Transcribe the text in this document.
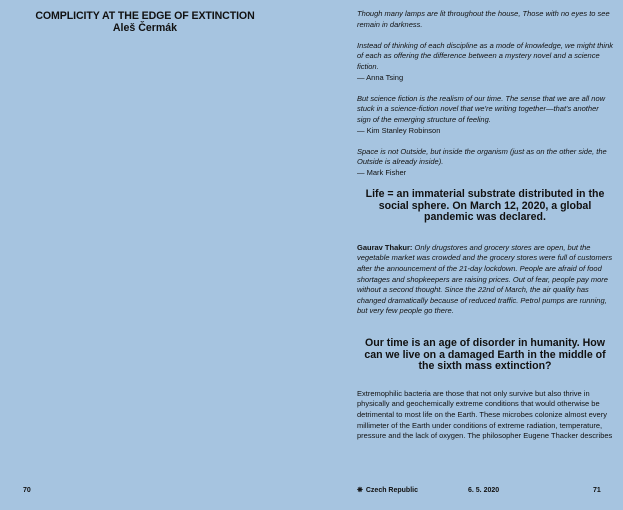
COMPLICITY AT THE EDGE OF EXTINCTION
Aleš Čermák
70
Though many lamps are lit throughout the house, Those with no eyes to see remain in darkness.
Instead of thinking of each discipline as a mode of knowledge, we might think of each as offering the difference between a mystery novel and a science fiction.
— Anna Tsing
But science fiction is the realism of our time. The sense that we are all now stuck in a science-fiction novel that we're writing together—that's another sign of the emerging structure of feeling.
— Kim Stanley Robinson
Space is not Outside, but inside the organism (just as on the other side, the Outside is already inside).
— Mark Fisher
Life = an immaterial substrate distributed in the social sphere. On March 12, 2020, a global pandemic was declared.
Gaurav Thakur: Only drugstores and grocery stores are open, but the vegetable market was crowded and the grocery stores were full of customers after the announcement of the 21-day lockdown. People are afraid of food shortages and shopkeepers are raising prices. Out of fear, people pay more without a second thought. Since the 22nd of March, the air quality has changed dramatically because of reduced traffic. Petrol pumps are running, but very few people go there.
Our time is an age of disorder in humanity. How can we live on a damaged Earth in the middle of the sixth mass extinction?
Extremophilic bacteria are those that not only survive but also thrive in physically and geochemically extreme conditions that would otherwise be detrimental to most life on the Earth. These microbes colonize almost every millimeter of the Earth under conditions of extreme radiation, temperature, pressure and the lack of oxygen. The philosopher Eugene Thacker describes
❋ Czech Republic	6. 5. 2020	71
